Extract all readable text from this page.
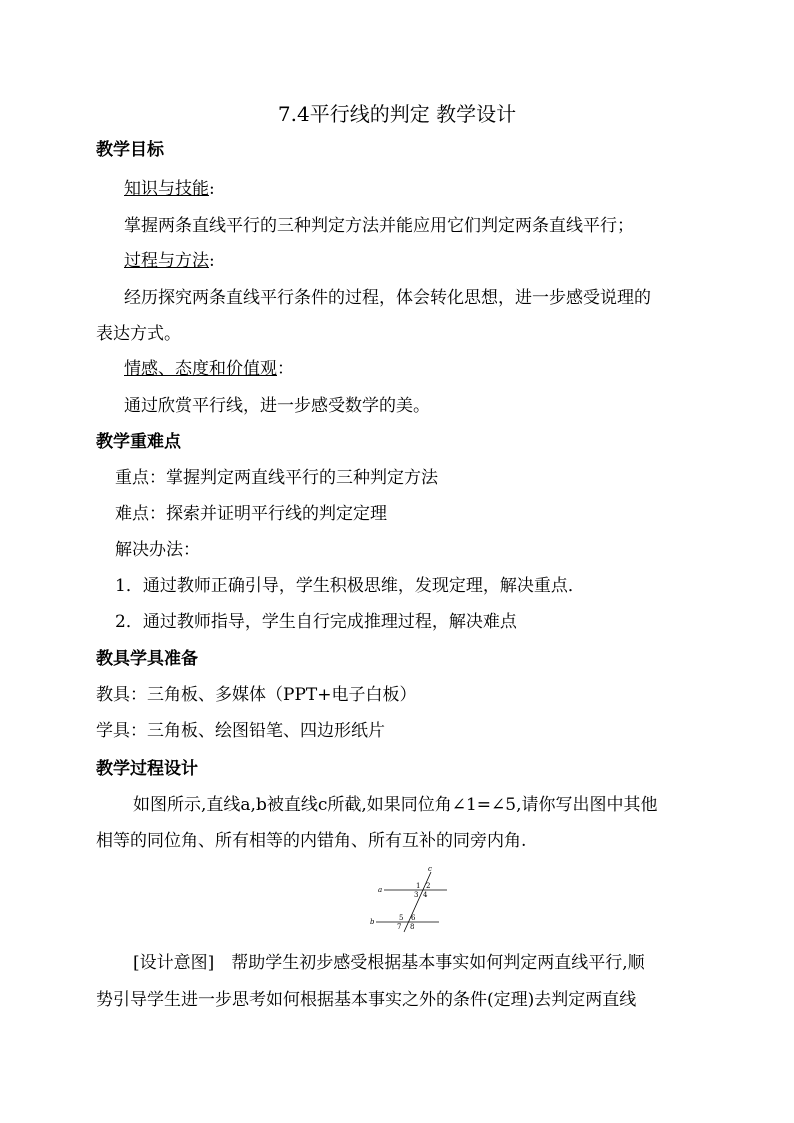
7.4平行线的判定 教学设计
教学目标
知识与技能:
掌握两条直线平行的三种判定方法并能应用它们判定两条直线平行；
过程与方法:
经历探究两条直线平行条件的过程，体会转化思想，进一步感受说理的
表达方式。
情感、态度和价值观：
通过欣赏平行线，进一步感受数学的美。
教学重难点
重点：掌握判定两直线平行的三种判定方法
难点：探索并证明平行线的判定定理
解决办法：
1．通过教师正确引导，学生积极思维，发现定理，解决重点．
2．通过教师指导，学生自行完成推理过程，解决难点
教具学具准备
教具：三角板、多媒体（PPT+电子白板）
学具：三角板、绘图铅笔、四边形纸片
教学过程设计
如图所示,直线a,b被直线c所截,如果同位角∠1=∠5,请你写出图中其他
相等的同位角、所有相等的内错角、所有互补的同旁内角.
a
b
c
1 2
3 4
5 6
7 8
[设计意图]　帮助学生初步感受根据基本事实如何判定两直线平行,顺
势引导学生进一步思考如何根据基本事实之外的条件(定理)去判定两直线
